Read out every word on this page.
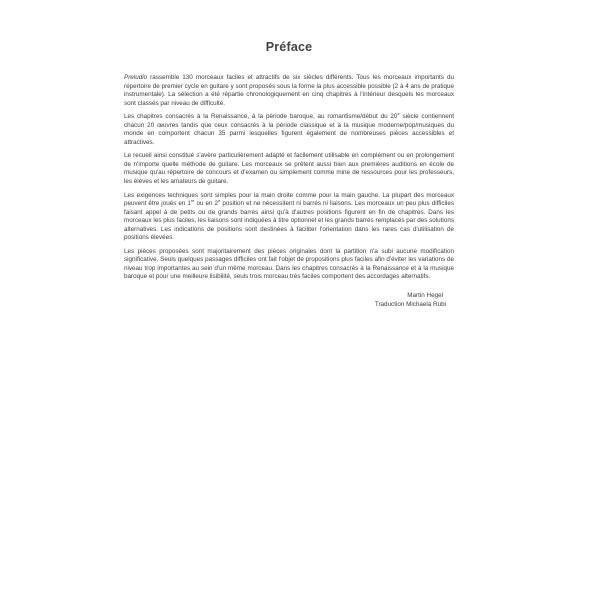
Préface

Preludio rassemble 130 morceaux faciles et attractifs de six siècles différents. Tous les morceaux importants du répertoire de premier cycle en guitare y sont proposés sous la forme la plus accessible possible (2 à 4 ans de pratique instrumentale). La sélection a été répartie chronologiquement en cinq chapitres à l'intérieur desquels les morceaux sont classés par niveau de difficulté.

Les chapitres consacrés à la Renaissance, à la période baroque, au romantisme/début du 20e siècle contiennent chacun 20 œuvres tandis que ceux consacrés à la période classique et à la musique moderne/pop/musiques du monde en comportent chacun 35 parmi lesquelles figurent également de nombreuses pièces accessibles et attractives.

Le recueil ainsi constitué s'avère particulièrement adapté et facilement utilisable en complément ou en prolongement de n'importe quelle méthode de guitare. Les morceaux se prêtent aussi bien aux premières auditions en école de musique qu'au répertoire de concours et d'examen ou simplement comme mine de ressources pour les professeurs, les élèves et les amateurs de guitare.

Les exigences techniques sont simples pour la main droite comme pour la main gauche. La plupart des morceaux peuvent être joués en 1re ou en 2e position et ne nécessitent ni barrés ni liaisons. Les morceaux un peu plus difficiles faisant appel à de petits ou de grands barrés ainsi qu'à d'autres positions figurent en fin de chapitres. Dans les morceaux les plus faciles, les liaisons sont indiquées à titre optionnel et les grands barrés remplacés par des solutions alternatives. Les indications de positions sont destinées à faciliter l'orientation dans les rares cas d'utilisation de positions élevées.

Les pièces proposées sont majoritairement des pièces originales dont la partition n'a subi aucune modification significative. Seuls quelques passages difficiles ont fait l'objet de propositions plus faciles afin d'éviter les variations de niveau trop importantes au sein d'un même morceau. Dans les chapitres consacrés à la Renaissance et à la musique baroque et pour une meilleure lisibilité, seuls trois morceau très faciles comportent des accordages alternatifs.

Martin Hegel
Traduction Michaela Rubi
